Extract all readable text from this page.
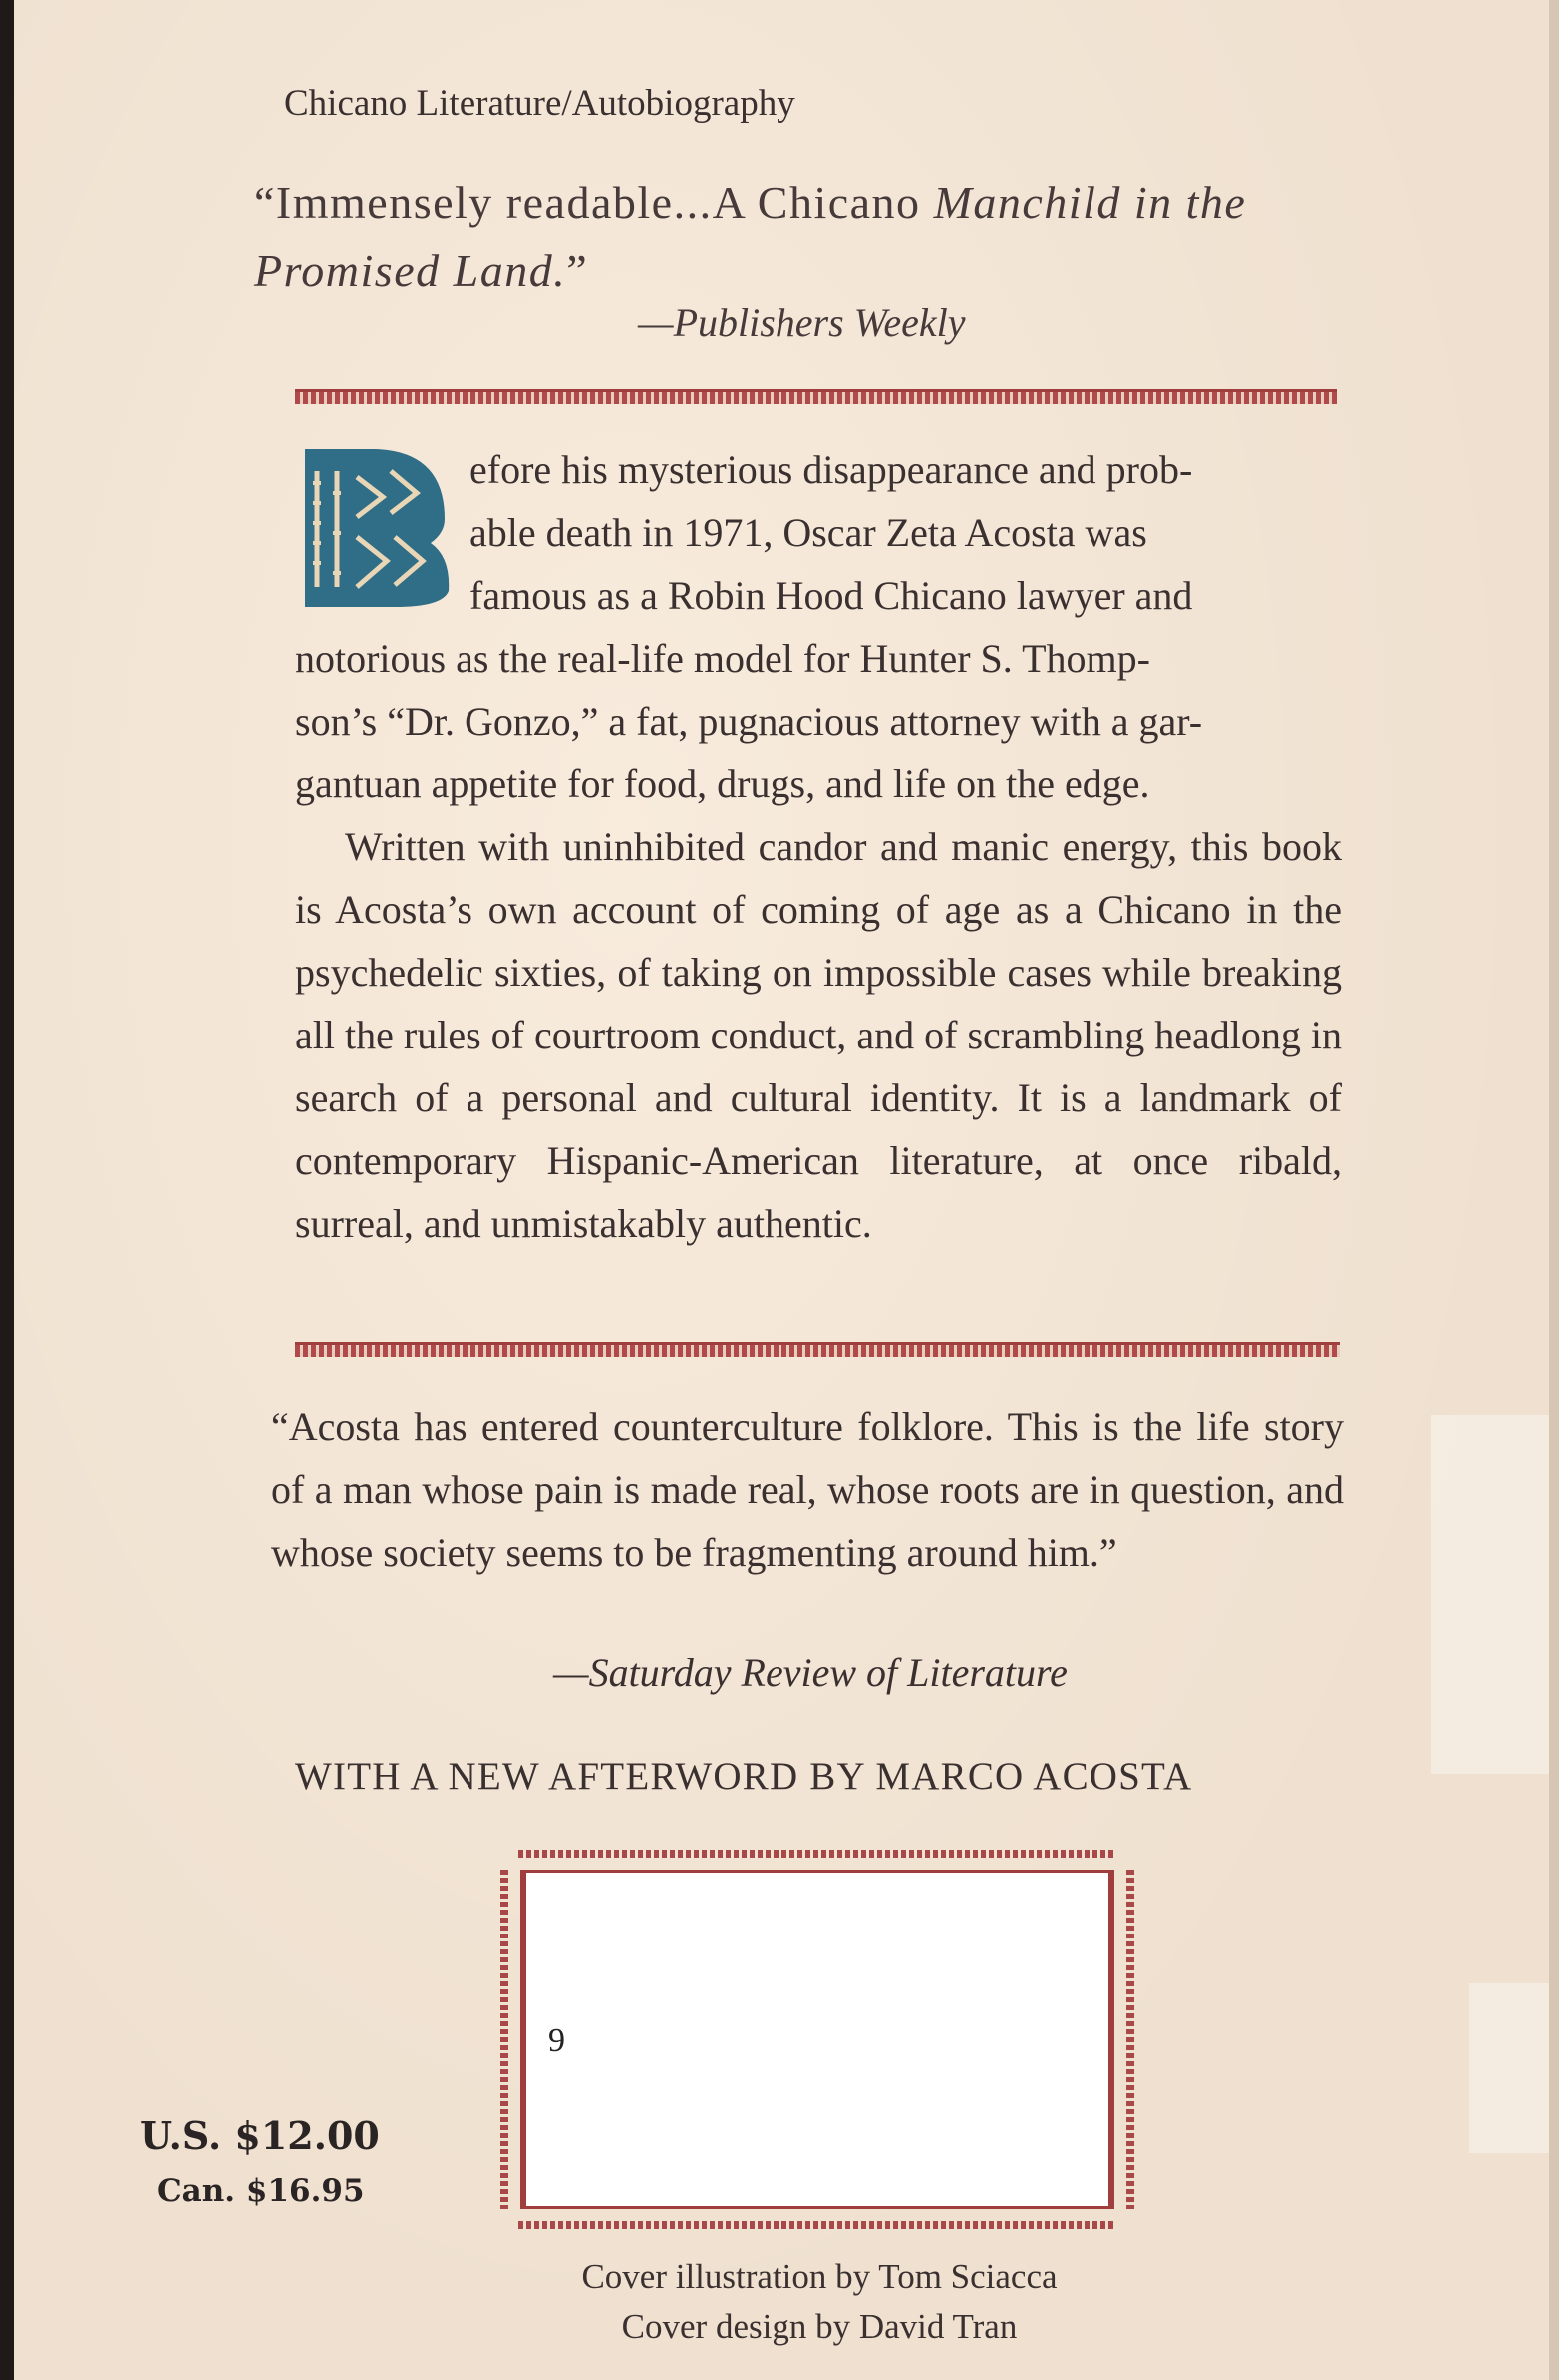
Chicano Literature/Autobiography
“Immensely readable...A Chicano Manchild in the Promised Land.”
—Publishers Weekly
efore his mysterious disappearance and prob-
able death in 1971, Oscar Zeta Acosta was
famous as a Robin Hood Chicano lawyer and
notorious as the real-life model for Hunter S. Thomp-
son’s “Dr. Gonzo,” a fat, pugnacious attorney with a gar-
gantuan appetite for food, drugs, and life on the edge.
Written with uninhibited candor and manic energy, this book is Acosta’s own account of coming of age as a Chicano in the psychedelic sixties, of taking on impossible cases while breaking all the rules of courtroom conduct, and of scrambling headlong in search of a personal and cultural identity. It is a landmark of contemporary Hispanic-American literature, at once ribald, surreal, and unmistakably authentic.
“Acosta has entered counterculture folklore. This is the life story of a man whose pain is made real, whose roots are in question, and whose society seems to be fragmenting around him.”
—Saturday Review of Literature
WITH A NEW AFTERWORD BY MARCO ACOSTA
9
U.S. $12.00
Can. $16.95
Cover illustration by Tom Sciacca
Cover design by David Tran
